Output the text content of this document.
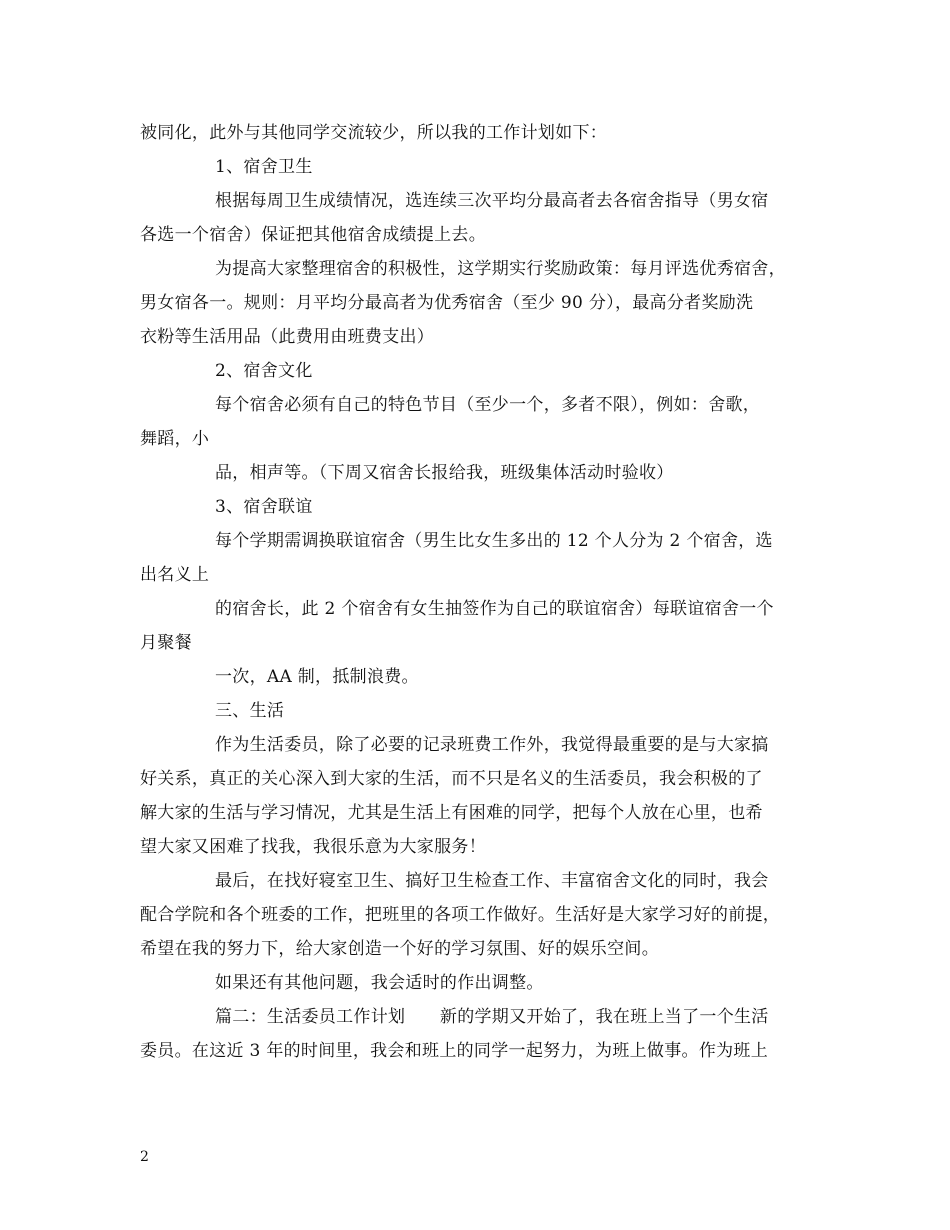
被同化，此外与其他同学交流较少，所以我的工作计划如下：
1、宿舍卫生
根据每周卫生成绩情况，选连续三次平均分最高者去各宿舍指导（男女宿
各选一个宿舍）保证把其他宿舍成绩提上去。
为提高大家整理宿舍的积极性，这学期实行奖励政策：每月评选优秀宿舍，
男女宿各一。规则：月平均分最高者为优秀宿舍（至少 90 分），最高分者奖励洗
衣粉等生活用品（此费用由班费支出）
2、宿舍文化
每个宿舍必须有自己的特色节目（至少一个，多者不限），例如：舍歌，
舞蹈，小
品，相声等。（下周又宿舍长报给我，班级集体活动时验收）
3、宿舍联谊
每个学期需调换联谊宿舍（男生比女生多出的 12 个人分为 2 个宿舍，选
出名义上
的宿舍长，此 2 个宿舍有女生抽签作为自己的联谊宿舍）每联谊宿舍一个
月聚餐
一次，AA 制，抵制浪费。
三、生活
作为生活委员，除了必要的记录班费工作外，我觉得最重要的是与大家搞
好关系，真正的关心深入到大家的生活，而不只是名义的生活委员，我会积极的了
解大家的生活与学习情况，尤其是生活上有困难的同学，把每个人放在心里，也希
望大家又困难了找我，我很乐意为大家服务！
最后，在找好寝室卫生、搞好卫生检查工作、丰富宿舍文化的同时，我会
配合学院和各个班委的工作，把班里的各项工作做好。生活好是大家学习好的前提，
希望在我的努力下，给大家创造一个好的学习氛围、好的娱乐空间。
如果还有其他问题，我会适时的作出调整。
篇二：生活委员工作计划　　新的学期又开始了，我在班上当了一个生活
委员。在这近 3 年的时间里，我会和班上的同学一起努力，为班上做事。作为班上
2
